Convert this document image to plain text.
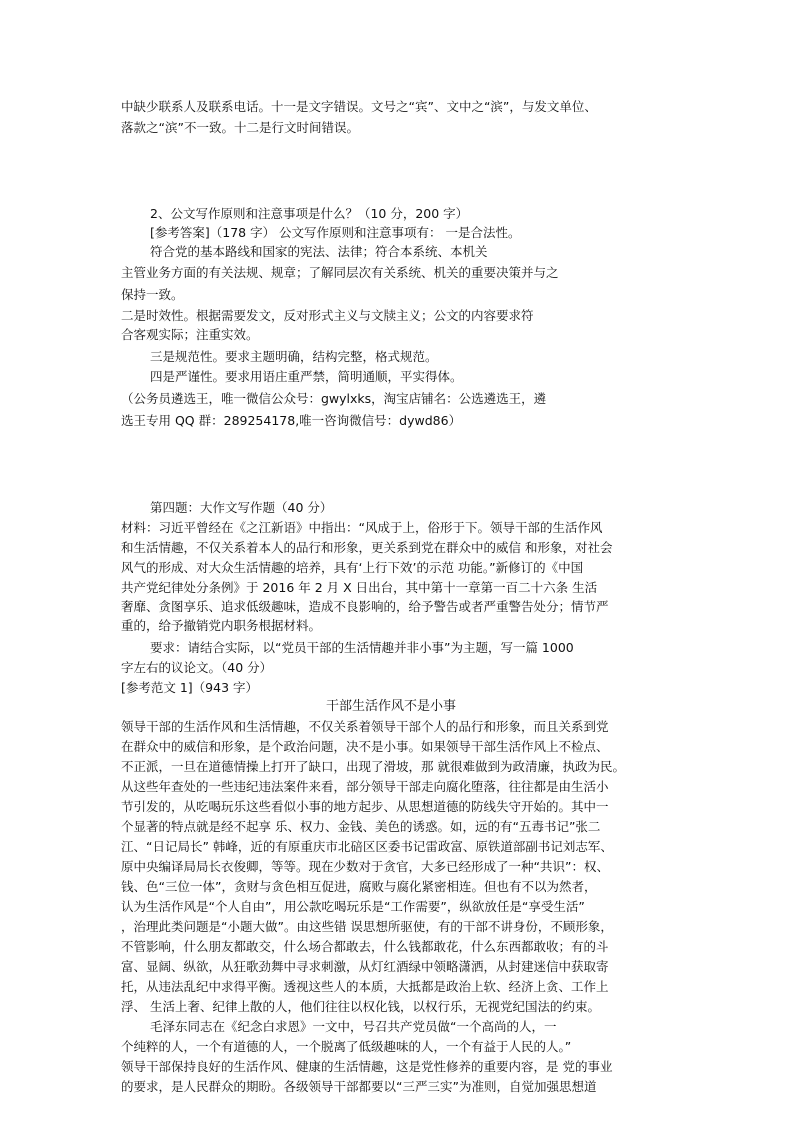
中缺少联系人及联系电话。十一是文字错误。文号之“宾”、文中之“滨”，与发文单位、
落款之“滨”不一致。十二是行文时间错误。
2、公文写作原则和注意事项是什么？（10 分，200 字）
[参考答案]（178 字） 公文写作原则和注意事项有： 一是合法性。
符合党的基本路线和国家的宪法、法律；符合本系统、本机关
主管业务方面的有关法规、规章；了解同层次有关系统、机关的重要决策并与之
保持一致。
二是时效性。根据需要发文，反对形式主义与文牍主义；公文的内容要求符
合客观实际；注重实效。
三是规范性。要求主题明确，结构完整，格式规范。
四是严谨性。要求用语庄重严禁，简明通顺，平实得体。
（公务员遴选王，唯一微信公众号：gwylxks，淘宝店铺名：公选遴选王，遴
选王专用 QQ 群：289254178,唯一咨询微信号：dywd86）
第四题：大作文写作题（40 分）
材料：习近平曾经在《之江新语》中指出：“风成于上，俗形于下。领导干部的生活作风
和生活情趣，不仅关系着本人的品行和形象，更关系到党在群众中的威信 和形象，对社会
风气的形成、对大众生活情趣的培养，具有‘上行下效’的示范 功能。”新修订的《中国
共产党纪律处分条例》于 2016 年 2 月 X 日出台，其中第十一章第一百二十六条 生活
奢靡、贪图享乐、追求低级趣味，造成不良影响的，给予警告或者严重警告处分；情节严
重的，给予撤销党内职务根据材料。
要求：请结合实际，以“党员干部的生活情趣并非小事”为主题，写一篇 1000
字左右的议论文。（40 分）
[参考范文 1]（943 字）
干部生活作风不是小事
领导干部的生活作风和生活情趣，不仅关系着领导干部个人的品行和形象，而且关系到党
在群众中的威信和形象，是个政治问题，决不是小事。如果领导干部生活作风上不检点、
不正派，一旦在道德情操上打开了缺口，出现了滑坡，那 就很难做到为政清廉，执政为民。
从这些年查处的一些违纪违法案件来看，部分领导干部走向腐化堕落，往往都是由生活小
节引发的，从吃喝玩乐这些看似小事的地方起步、从思想道德的防线失守开始的。其中一
个显著的特点就是经不起享 乐、权力、金钱、美色的诱惑。如，远的有“五毒书记”张二
江、“日记局长” 韩峰，近的有原重庆市北碚区区委书记雷政富、原铁道部副书记刘志军、
原中央编译局局长衣俊卿，等等。现在少数对于贪官，大多已经形成了一种“共识”：权、
钱、色“三位一体”，贪财与贪色相互促进，腐败与腐化紧密相连。但也有不以为然者，
认为生活作风是“个人自由”，用公款吃喝玩乐是“工作需要”，纵欲放任是“享受生活”
，治理此类问题是“小题大做”。由这些错 误思想所驱使，有的干部不讲身份，不顾形象，
不管影响，什么朋友都敢交，什么场合都敢去，什么钱都敢花，什么东西都敢收；有的斗
富、显阔、纵欲，从狂歌劲舞中寻求刺激，从灯红酒绿中领略潇洒，从封建迷信中获取寄
托，从违法乱纪中求得平衡。透视这些人的本质，大抵都是政治上软、经济上贪、工作上
浮、 生活上奢、纪律上散的人，他们往往以权化钱，以权行乐，无视党纪国法的约束。
毛泽东同志在《纪念白求恩》一文中，号召共产党员做“一个高尚的人，一
个纯粹的人，一个有道德的人，一个脱离了低级趣味的人，一个有益于人民的人。”
领导干部保持良好的生活作风、健康的生活情趣，这是党性修养的重要内容，是 党的事业
的要求，是人民群众的期盼。各级领导干部都要以“三严三实”为准则，自觉加强思想道
